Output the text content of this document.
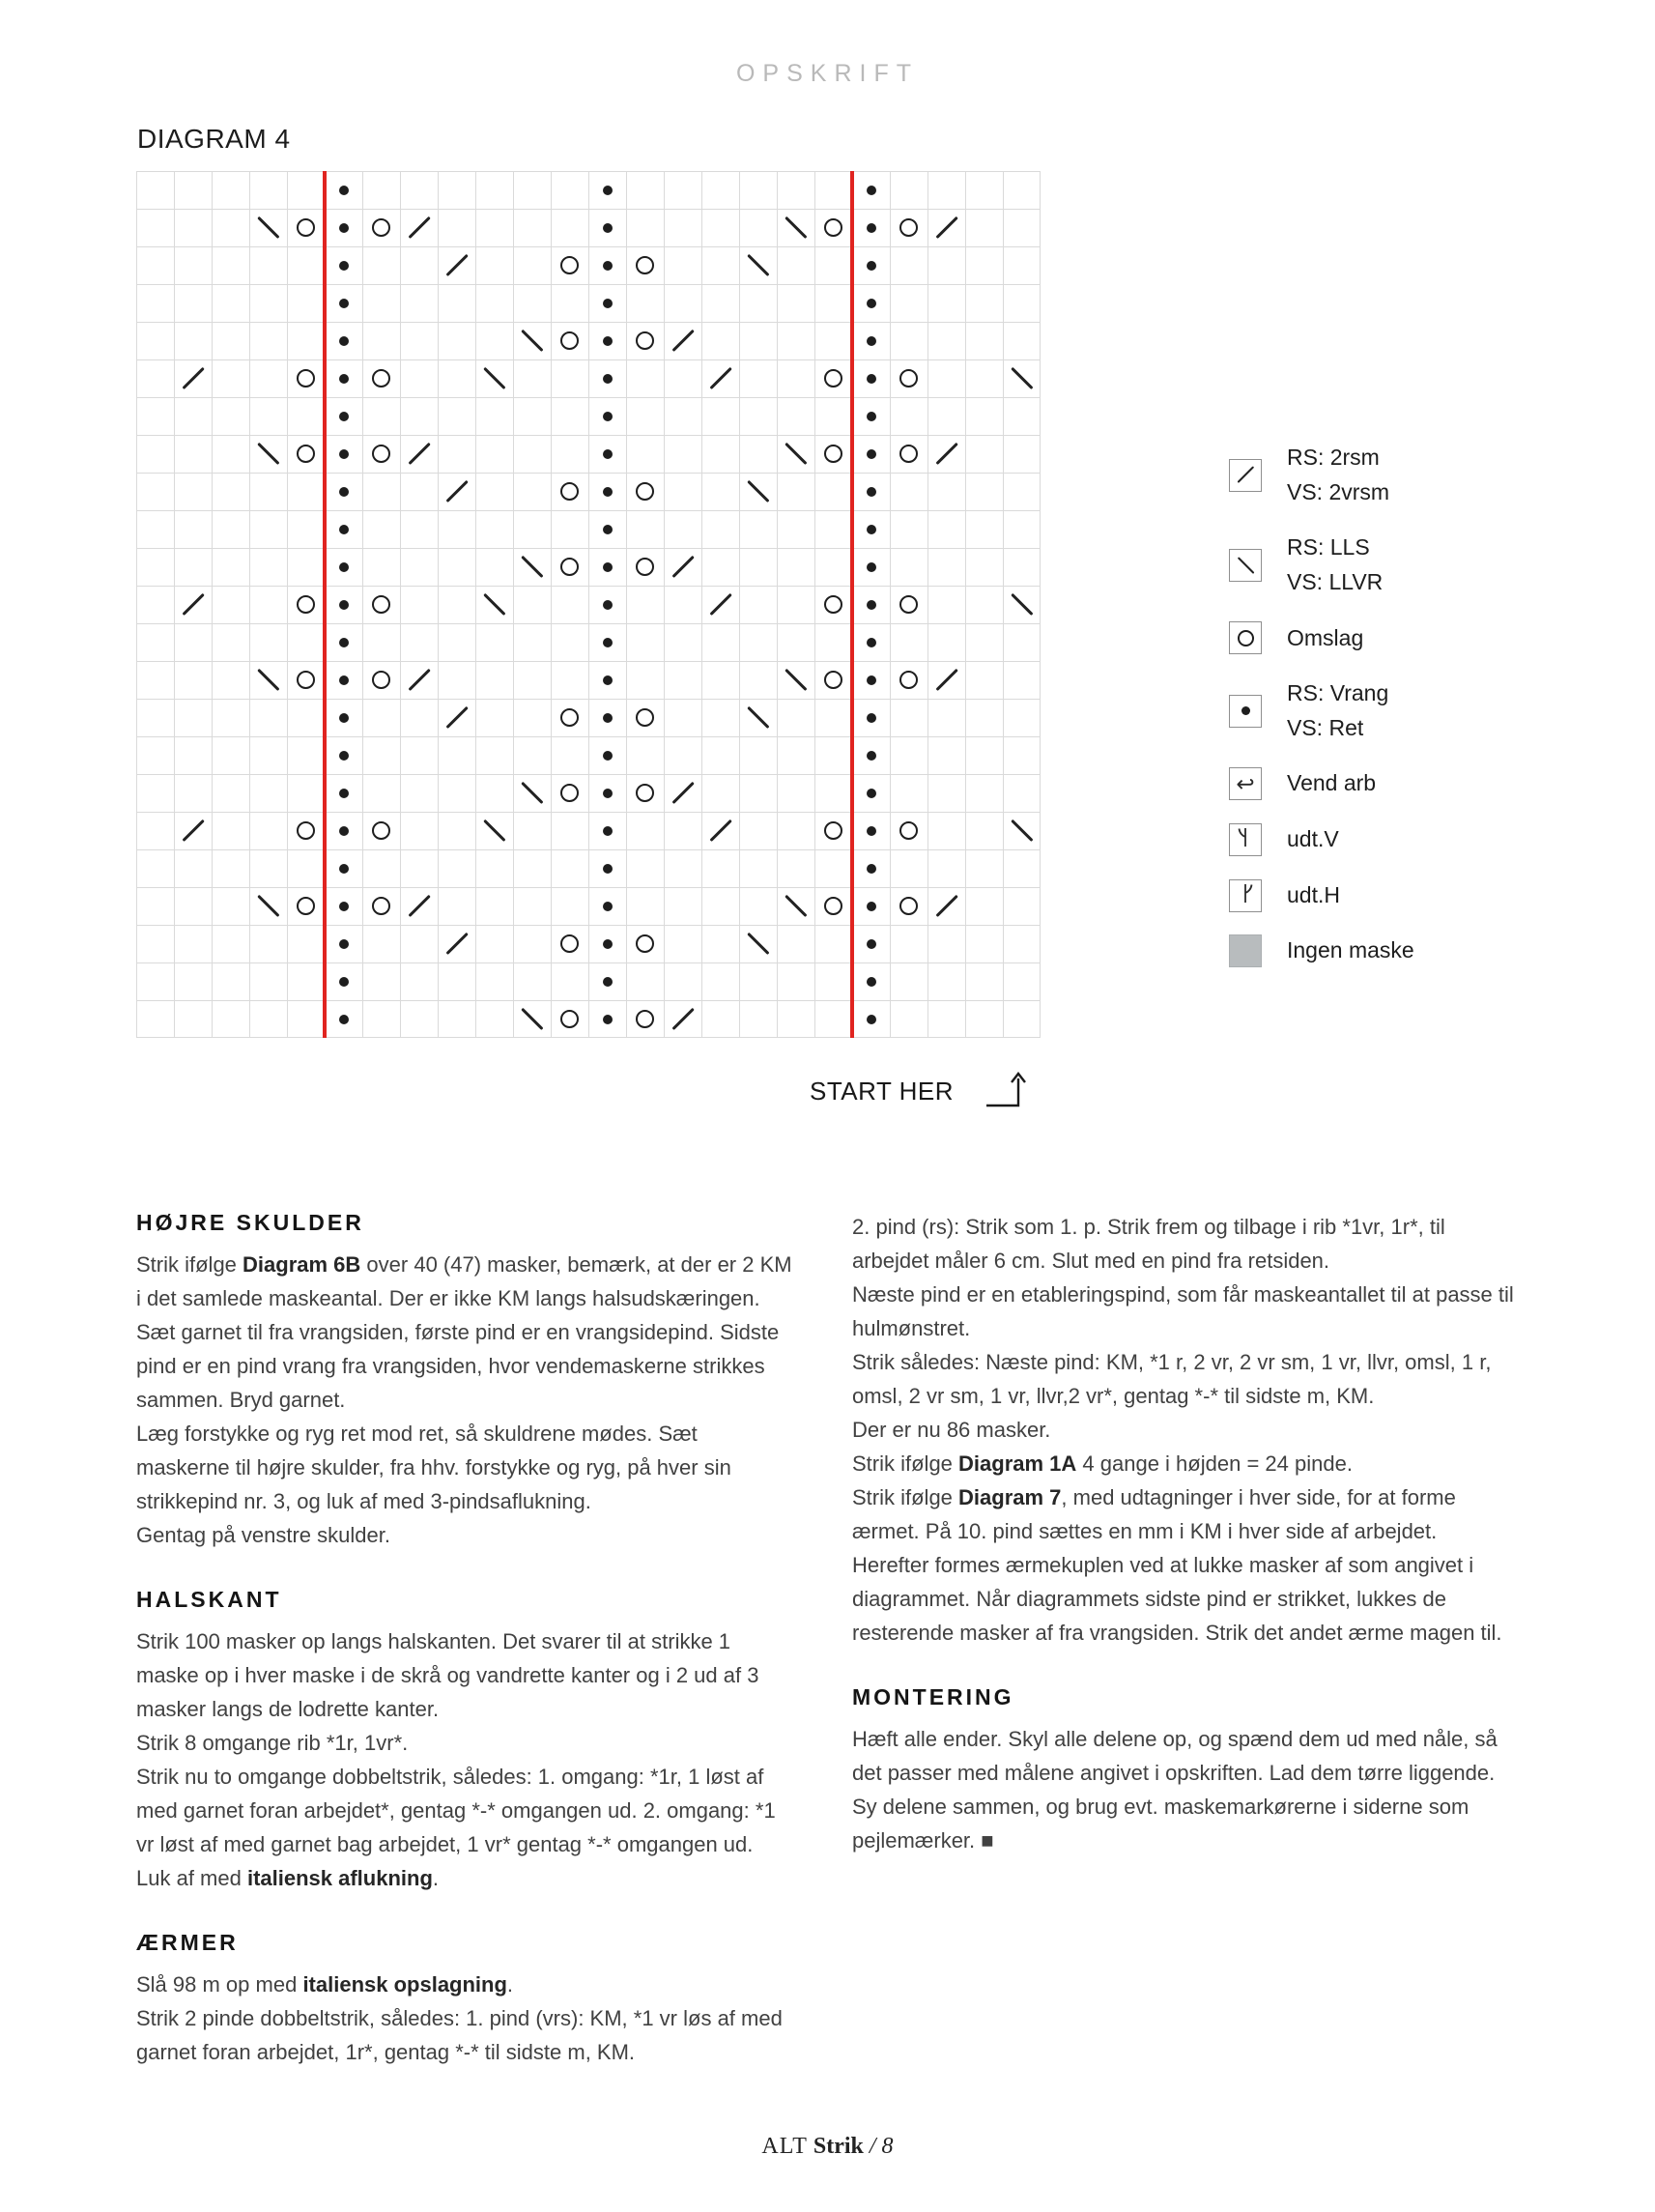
OPSKRIFT
DIAGRAM 4
RS: 2rsm
VS: 2vrsm
RS: LLS
VS: LLVR
Omslag
RS: Vrang
VS: Ret
↩ Vend arb
udt.V
udt.H
Ingen maske
START HER
HØJRE SKULDER

Strik ifølge Diagram 6B over 40 (47) masker, bemærk, at der er 2 KM i det samlede maskeantal. Der er ikke KM langs halsudskæringen. Sæt garnet til fra vrangsiden, første pind er en vrangsidepind. Sidste pind er en pind vrang fra vrangsiden, hvor vendemaskerne strikkes sammen. Bryd garnet.

Læg forstykke og ryg ret mod ret, så skuldrene mødes. Sæt maskerne til højre skulder, fra hhv. forstykke og ryg, på hver sin strikkepind nr. 3, og luk af med 3-pindsaflukning.

Gentag på venstre skulder.

HALSKANT

Strik 100 masker op langs halskanten. Det svarer til at strikke 1 maske op i hver maske i de skrå og vandrette kanter og i 2 ud af 3 masker langs de lodrette kanter.

Strik 8 omgange rib *1r, 1vr*.

Strik nu to omgange dobbeltstrik, således: 1. omgang: *1r, 1 løst af med garnet foran arbejdet*, gentag *-* omgangen ud. 2. omgang: *1 vr løst af med garnet bag arbejdet, 1 vr* gentag *-* omgangen ud.

Luk af med italiensk aflukning.

ÆRMER

Slå 98 m op med italiensk opslagning.

Strik 2 pinde dobbeltstrik, således: 1. pind (vrs): KM, *1 vr løs af med garnet foran arbejdet, 1r*, gentag *-* til sidste m, KM.

2. pind (rs): Strik som 1. p. Strik frem og tilbage i rib *1vr, 1r*, til arbejdet måler 6 cm. Slut med en pind fra retsiden.

Næste pind er en etableringspind, som får maskeantallet til at passe til hulmønstret.

Strik således: Næste pind: KM, *1 r, 2 vr, 2 vr sm, 1 vr, llvr, omsl, 1 r, omsl, 2 vr sm, 1 vr, llvr,2 vr*, gentag *-* til sidste m, KM.

Der er nu 86 masker.

Strik ifølge Diagram 1A 4 gange i højden = 24 pinde.

Strik ifølge Diagram 7, med udtagninger i hver side, for at forme ærmet. På 10. pind sættes en mm i KM i hver side af arbejdet.

Herefter formes ærmekuplen ved at lukke masker af som angivet i diagrammet. Når diagrammets sidste pind er strikket, lukkes de resterende masker af fra vrangsiden. Strik det andet ærme magen til.

MONTERING

Hæft alle ender. Skyl alle delene op, og spænd dem ud med nåle, så det passer med målene angivet i opskriften. Lad dem tørre liggende. Sy delene sammen, og brug evt. maskemarkørerne i siderne som pejlemærker. ■

ALT Strik / 8
